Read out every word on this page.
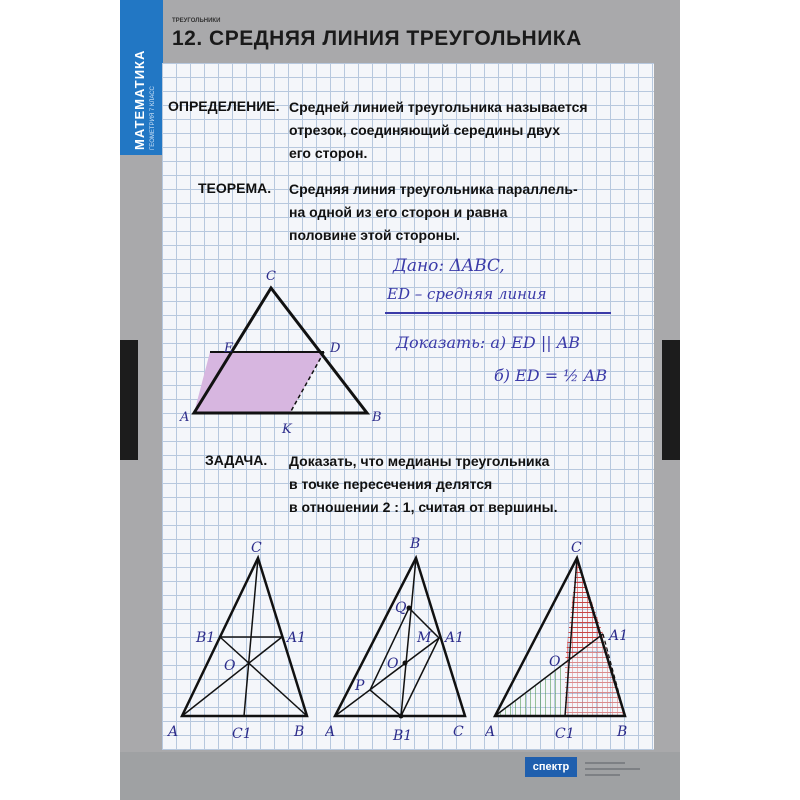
МАТЕМАТИКА ГЕОМЕТРИЯ 7 КЛАСС
ТРЕУГОЛЬНИКИ
12. СРЕДНЯЯ ЛИНИЯ ТРЕУГОЛЬНИКА
ОПРЕДЕЛЕНИЕ. Средней линией треугольника называется
отрезок, соединяющий середины двух
его сторон.
ТЕОРЕМА. Средняя линия треугольника параллель-
на одной из его сторон и равна
половине этой стороны.
Дано: ΔABC,
ED – средняя линия
Доказать: а) ED || AB
б) ED = ½ AB
C
A	B
E	D
K
ЗАДАЧА. Доказать, что медианы треугольника
в точке пересечения делятся
в отношении 2 : 1, считая от вершины.
C
A	B
B1	A1
O
C1
B
A	C
Q
M A1
O
P
B1
C
A	B
A1
O
C1
спектр
